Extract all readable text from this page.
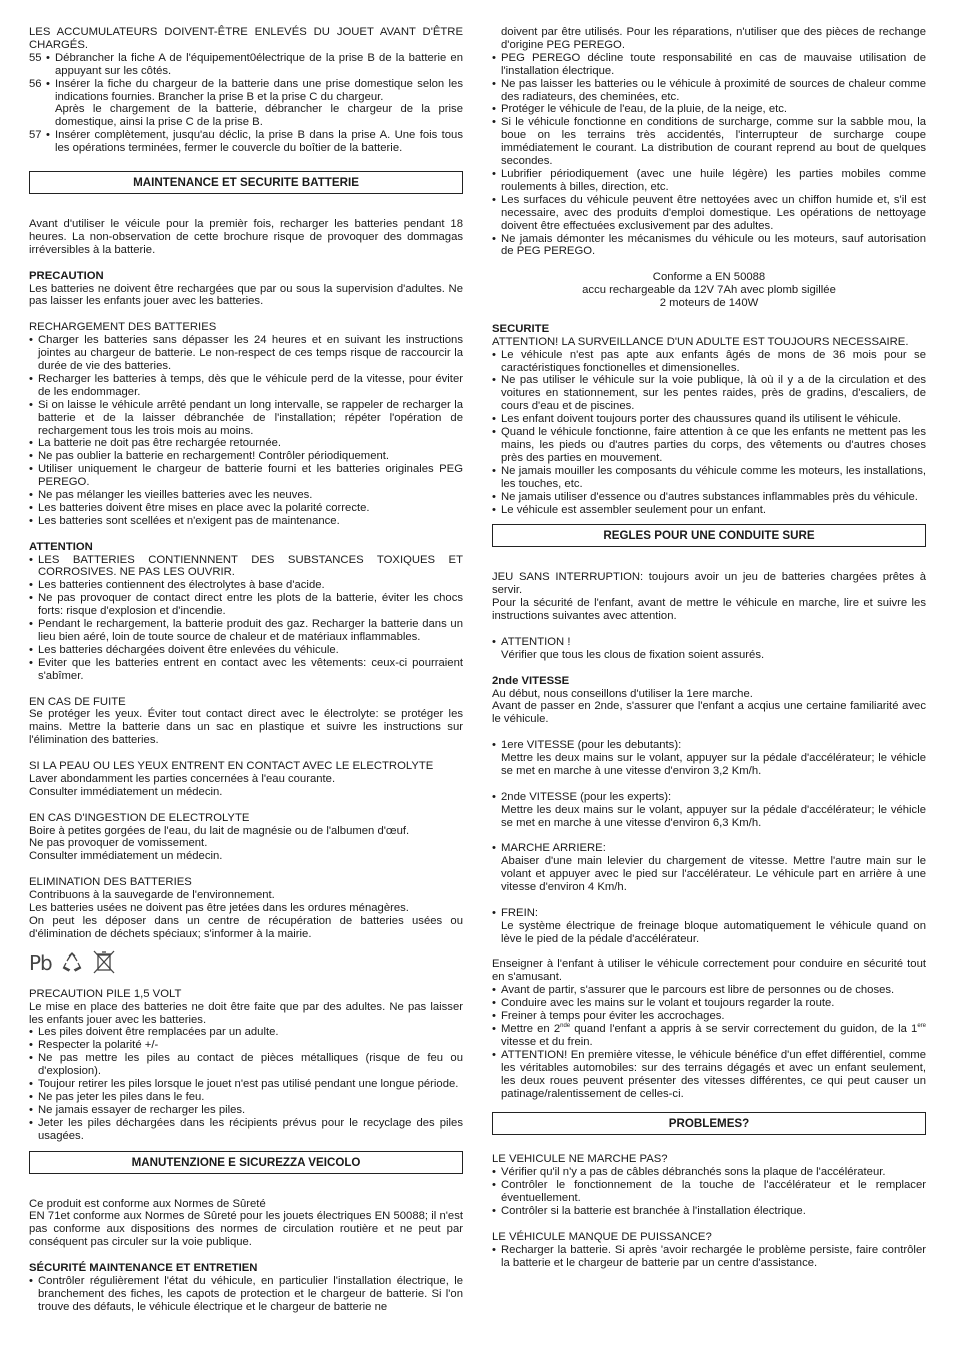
LES ACCUMULATEURS DOIVENT-ÊTRE ENLEVÉS DU JOUET AVANT D'ÊTRE CHARGÉS.

55 • Débrancher la fiche A de l'équipement0électrique de la prise B de la batterie en appuyant sur les côtés.
56 • Insérer la fiche du chargeur de la batterie dans une prise domestique selon les indications fournies. Brancher la prise B et la prise C du chargeur.
Après le chargement de la batterie, débrancher le chargeur de la prise domestique, ainsi la prise C de la prise B.
57 • Insérer complètement, jusqu'au déclic, la prise B dans la prise A. Une fois tous les opérations terminées, fermer le couvercle du boîtier de la batterie.
MAINTENANCE ET SECURITE BATTERIE

Avant d'utiliser le véicule pour la premièr fois, recharger les batteries pendant 18 heures. La non-observation de cette brochure risque de provoquer des dommagas irréversibles à la batterie.

PRECAUTION

Les batteries ne doivent être rechargées que par ou sous la supervision d'adultes. Ne pas laisser les enfants jouer avec les batteries.

RECHARGEMENT DES BATTERIES

• Charger les batteries sans dépasser les 24 heures et en suivant les instructions jointes au chargeur de batterie. Le non-respect de ces temps risque de raccourcir la durée de vie des batteries.
• Recharger les batteries à temps, dès que le véhicule perd de la vitesse, pour éviter de les endommager.
• Si on laisse le véhicule arrêté pendant un long intervalle, se rappeler de recharger la batterie et de la laisser débranchée de l'installation; répéter l'opération de rechargement tous les trois mois au moins.
• La batterie ne doit pas être rechargée retournée.
• Ne pas oublier la batterie en rechargement! Contrôler périodiquement.
• Utiliser uniquement le chargeur de batterie fourni et les batteries originales PEG PEREGO.
• Ne pas mélanger les vieilles batteries avec les neuves.
• Les batteries doivent être mises en place avec la polarité correcte.
• Les batteries sont scellées et n'exigent pas de maintenance.

ATTENTION

• LES BATTERIES CONTIENNNENT DES SUBSTANCES TOXIQUES ET CORROSIVES. NE PAS LES OUVRIR.
• Les batteries contiennent des électrolytes à base d'acide.
• Ne pas provoquer de contact direct entre les plots de la batterie, éviter les chocs forts: risque d'explosion et d'incendie.
• Pendant le rechargement, la batterie produit des gaz. Recharger la batterie dans un lieu bien aéré, loin de toute source de chaleur et de matériaux inflammables.
• Les batteries déchargées doivent être enlevées du véhicule.
• Eviter que les batteries entrent en contact avec les vêtements: ceux-ci pourraient s'abîmer.

EN CAS DE FUITE

Se protéger les yeux. Éviter tout contact direct avec le électrolyte: se protéger les mains. Mettre la batterie dans un sac en plastique et suivre les instructions sur l'élimination des batteries.

SI LA PEAU OU LES YEUX ENTRENT EN CONTACT AVEC LE ELECTROLYTE

Laver abondamment les parties concernées à l'eau courante.

Consulter immédiatement un médecin.

EN CAS D'INGESTION DE ELECTROLYTE

Boire à petites gorgées de l'eau, du lait de magnésie ou de l'albumen d'œuf.

Ne pas provoquer de vomissement.

Consulter immédiatement un médecin.

ELIMINATION DES BATTERIES

Contribuons à la sauvegarde de l'environnement.

Les batteries usées ne doivent pas être jetées dans les ordures ménagères.

On peut les déposer dans un centre de récupération de batteries usées ou d'élimination de déchets spéciaux; s'informer à la mairie.

Pb

PRECAUTION PILE 1,5 VOLT

Le mise en place des batteries ne doit être faite que par des adultes. Ne pas laisser les enfants jouer avec les batteries.

• Les piles doivent être remplacées par un adulte.
• Respecter la polarité +/-
• Ne pas mettre les piles au contact de pièces métalliques (risque de feu ou d'explosion).
• Toujour retirer les piles lorsque le jouet n'est pas utilisé pendant une longue période.
• Ne pas jeter les piles dans le feu.
• Ne jamais essayer de recharger les piles.
• Jeter les piles déchargées dans les récipients prévus pour le recyclage des piles usagées.
MANUTENZIONE E SICUREZZA VEICOLO

Ce produit est conforme aux Normes de Sûreté

EN 71et conforme aux Normes de Sûreté pour les jouets électriques EN 50088; il n'est pas conforme aux dispositions des normes de circulation routière et ne peut par conséquent pas circuler sur la voie publique.

SÉCURITÉ MAINTENANCE ET ENTRETIEN

• Contrôler régulièrement l'état du véhicule, en particulier l'installation électrique, le branchement des fiches, les capots de protection et le chargeur de batterie. Si l'on trouve des défauts, le véhicule électrique et le chargeur de batterie ne

doivent par être utilisés. Pour les réparations, n'utiliser que des pièces de rechange d'origine PEG PEREGO.

• PEG PEREGO décline toute responsabilité en cas de mauvaise utilisation de l'installation électrique.
• Ne pas laisser les batteries ou le véhicule à proximité de sources de chaleur comme des radiateurs, des cheminées, etc.
• Protéger le véhicule de l'eau, de la pluie, de la neige, etc.
• Si le véhicule fonctionne en conditions de surcharge, comme sur la sabble mou, la boue on les terrains très accidentés, l'interrupteur de surcharge coupe immédiatement le courant. La distribution de courant reprend au bout de quelques secondes.
• Lubrifier périodiquement (avec une huile légère) les parties mobiles comme roulements à billes, direction, etc.
• Les surfaces du véhicule peuvent être nettoyées avec un chiffon humide et, s'il est necessaire, avec des produits d'emploi domestique. Les opérations de nettoyage doivent être effectuées exclusivement par des adultes.
• Ne jamais démonter les mécanismes du véhicule ou les moteurs, sauf autorisation de PEG PEREGO.

Conforme a EN 50088

accu rechargeable da 12V 7Ah avec plomb sigillée

2 moteurs de 140W

SECURITE

ATTENTION! LA SURVEILLANCE D'UN ADULTE EST TOUJOURS NECESSAIRE.

• Le véhicule n'est pas apte aux enfants âgés de mons de 36 mois pour se caractéristiques fonctionelles et dimensionelles.
• Ne pas utiliser le véhicule sur la voie publique, là où il y a de la circulation et des voitures en stationnement, sur les pentes raides, près de gradins, d'escaliers, de cours d'eau et de piscines.
• Les enfant doivent toujours porter des chaussures quand ils utilisent le véhicule.
• Quand le véhicule fonctionne, faire attention à ce que les enfants ne mettent pas les mains, les pieds ou d'autres parties du corps, des vêtements ou d'autres choses près des parties en mouvement.
• Ne jamais mouiller les composants du véhicule comme les moteurs, les installations, les touches, etc.
• Ne jamais utiliser d'essence ou d'autres substances inflammables près du véhicule.
• Le véhicule est assembler seulement pour un enfant.
REGLES POUR UNE CONDUITE SURE

JEU SANS INTERRUPTION: toujours avoir un jeu de batteries chargées prêtes à servir.

Pour la sécurité de l'enfant, avant de mettre le véhicule en marche, lire et suivre les instructions suivantes avec attention.

• ATTENTION !

Vérifier que tous les clous de fixation soient assurés.

2nde VITESSE

Au début, nous conseillons d'utiliser la 1ere marche.

Avant de passer en 2nde, s'assurer que l'enfant a acqius une certaine familiarité avec le véhicule.

• 1ere VITESSE (pour les debutants):

Mettre les deux mains sur le volant, appuyer sur la pédale d'accélérateur; le véhicle se met en marche à une vitesse d'environ 3,2 Km/h.

• 2nde VITESSE (pour les experts):

Mettre les deux mains sur le volant, appuyer sur la pédale d'accélérateur; le véhicle se met en marche à une vitesse d'environ 6,3 Km/h.

• MARCHE ARRIERE:

Abaiser d'une main lelevier du chargement de vitesse. Mettre l'autre main sur le volant et appuyer avec le pied sur l'accélérateur. Le véhicule part en arrière à une vitesse d'environ 4 Km/h.

• FREIN:

Le système électrique de freinage bloque automatiquement le véhicule quand on lève le pied de la pédale d'accélérateur.

Enseigner à l'enfant à utiliser le véhicule correctement pour conduire en sécurité tout en s'amusant.

• Avant de partir, s'assurer que le parcours est libre de personnes ou de choses.
• Conduire avec les mains sur le volant et toujours regarder la route.
• Freiner à temps pour éviter les accrochages.
• Mettre en 2nde quand l'enfant a appris à se servir correctement du guidon, de la 1ere vitesse et du frein.
• ATTENTION! En première vitesse, le véhicule bénéfice d'un effet différentiel, comme les véritables automobiles: sur des terrains dégagés et avec un enfant seulement, les deux roues peuvent présenter des vitesses différentes, ce qui peut causer un patinage/ralentissement de celles-ci.
PROBLEMES?

LE VEHICULE NE MARCHE PAS?

• Vérifier qu'il n'y a pas de câbles débranchés sons la plaque de l'accélérateur.
• Contrôler le fonctionnement de la touche de l'accélérateur et le remplacer éventuellement.
• Contrôler si la batterie est branchée à l'installation électrique.

LE VÉHICULE MANQUE DE PUISSANCE?

• Recharger la batterie. Si après 'avoir rechargée le problème persiste, faire contrôler la batterie et le chargeur de batterie par un centre d'assistance.
